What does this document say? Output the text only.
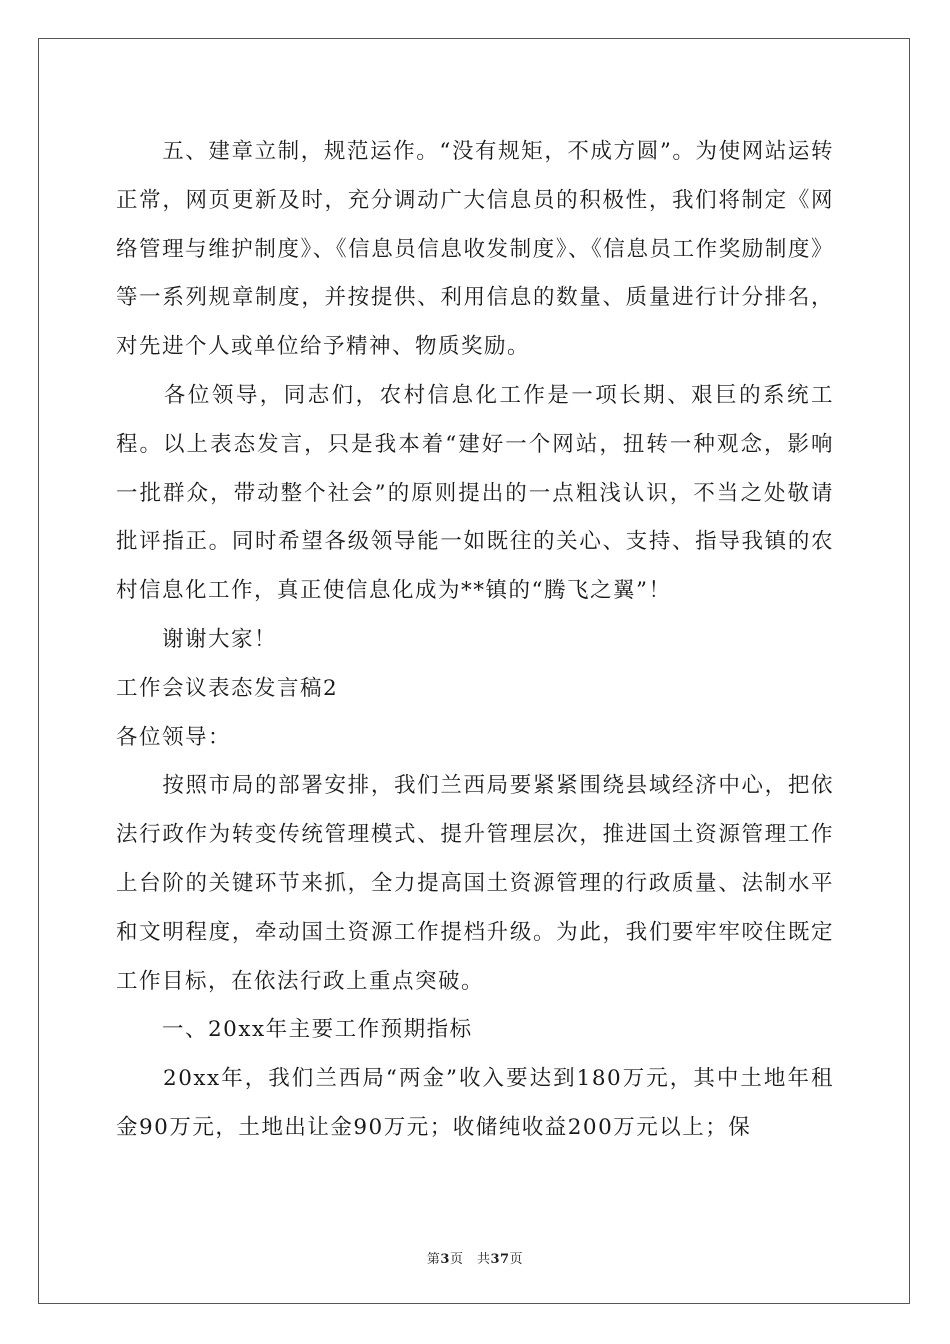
　　五、建章立制，规范运作。“没有规矩，不成方圆”。为使网站运转正常，网页更新及时，充分调动广大信息员的积极性，我们将制定《网络管理与维护制度》、《信息员信息收发制度》、《信息员工作奖励制度》等一系列规章制度，并按提供、利用信息的数量、质量进行计分排名，对先进个人或单位给予精神、物质奖励。

　　各位领导，同志们，农村信息化工作是一项长期、艰巨的系统工程。以上表态发言，只是我本着“建好一个网站，扭转一种观念，影响一批群众，带动整个社会”的原则提出的一点粗浅认识，不当之处敬请批评指正。同时希望各级领导能一如既往的关心、支持、指导我镇的农村信息化工作，真正使信息化成为**镇的“腾飞之翼”！

　　谢谢大家！

工作会议表态发言稿2

各位领导：

　　按照市局的部署安排，我们兰西局要紧紧围绕县域经济中心，把依法行政作为转变传统管理模式、提升管理层次，推进国土资源管理工作上台阶的关键环节来抓，全力提高国土资源管理的行政质量、法制水平和文明程度，牵动国土资源工作提档升级。为此，我们要牢牢咬住既定工作目标，在依法行政上重点突破。

　　一、20xx年主要工作预期指标

　　20xx年，我们兰西局“两金”收入要达到180万元，其中土地年租金90万元，土地出让金90万元；收储纯收益200万元以上；保

第3页　共37页
